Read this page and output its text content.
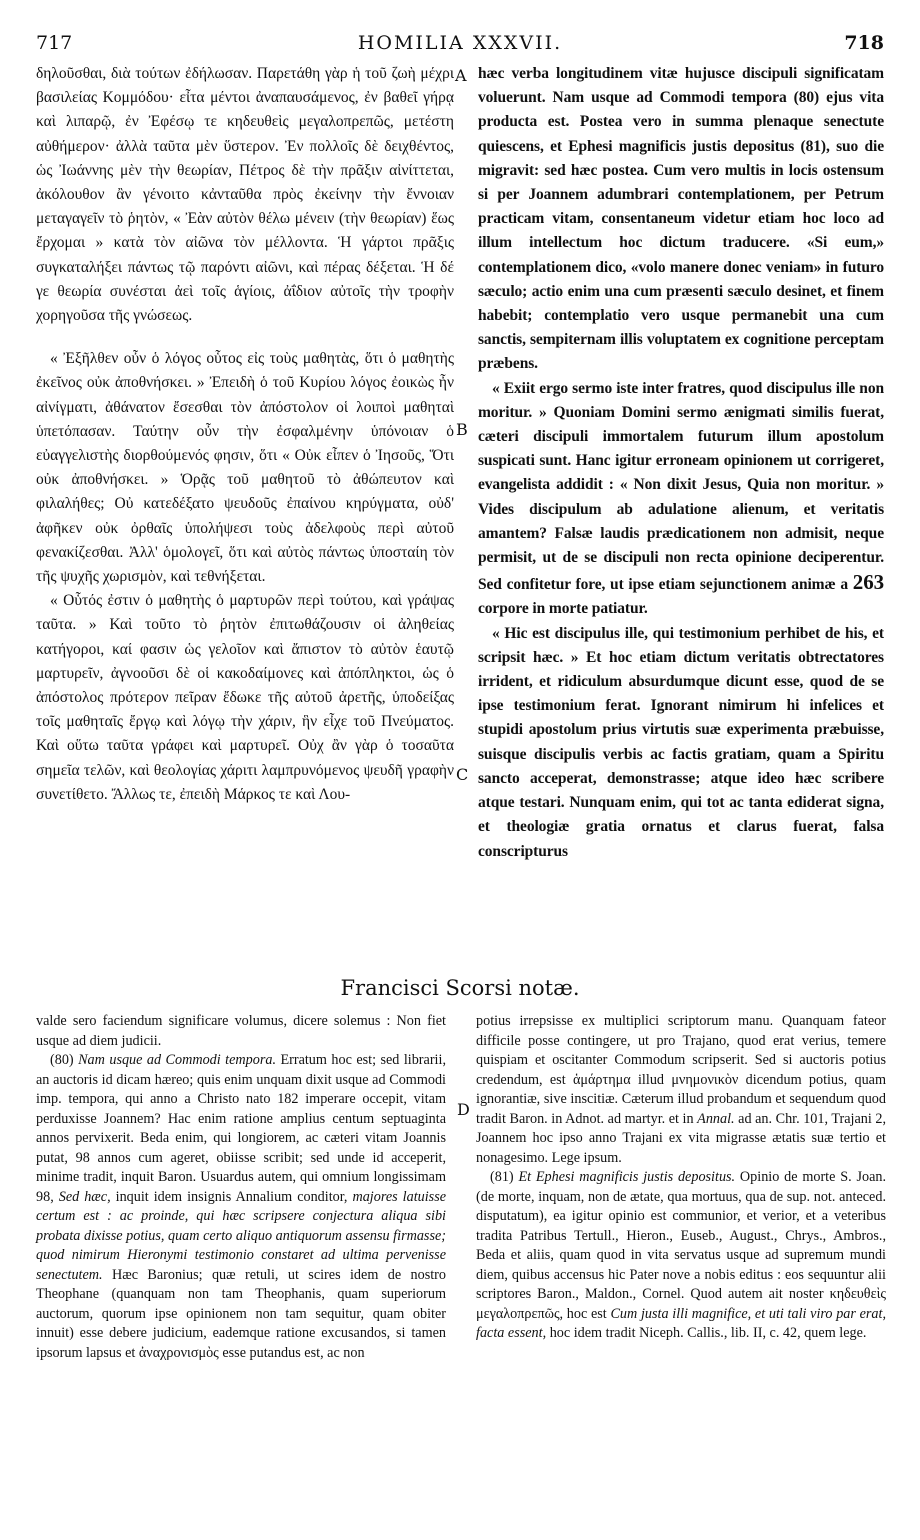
717	ΗΟΜΙLIA XXXVII.	718

δηλοῦσθαι, διὰ τούτων ἐδήλωσαν. Παρετάθη γὰρ ἡ τοῦ ζωὴ μέχρι βασιλείας Κομμόδου· εἶτα μέντοι ἀναπαυσάμενος, ἐν βαθεῖ γήρᾳ καὶ λιπαρῷ, ἐν Ἐφέσῳ τε κηδευθεὶς μεγαλοπρεπῶς, μετέστη αὐθήμερον· ἀλλὰ ταῦτα μὲν ὕστερον. Ἐν πολλοῖς δὲ δειχθέντος, ὡς Ἰωάννης μὲν τὴν θεωρίαν, Πέτρος δὲ τὴν πρᾶξιν αἰνίττεται, ἀκόλουθον ἂν γένοιτο κἀνταῦθα πρὸς ἐκείνην τὴν ἔννοιαν μεταγαγεῖν τὸ ῥητὸν, « Ἐὰν αὐτὸν θέλω μένειν (τὴν θεωρίαν) ἕως ἔρχομαι » κατὰ τὸν αἰῶνα τὸν μέλλοντα. Ἡ γάρτοι πρᾶξις συγκαταλήξει πάντως τῷ παρόντι αἰῶνι, καὶ πέρας δέξεται. Ἡ δέ γε θεωρία συνέσται ἀεὶ τοῖς ἁγίοις, ἀΐδιον αὐτοῖς τὴν τροφὴν χορηγοῦσα τῆς γνώσεως.

« Ἐξῆλθεν οὖν ὁ λόγος οὗτος εἰς τοὺς μαθητὰς, ὅτι ὁ μαθητὴς ἐκεῖνος οὐκ ἀποθνήσκει. » Ἐπειδὴ ὁ τοῦ Κυρίου λόγος ἐοικὼς ἦν αἰνίγματι, ἀθάνατον ἔσεσθαι τὸν ἀπόστολον οἱ λοιποὶ μαθηταὶ ὑπετόπασαν. Ταύτην οὖν τὴν ἐσφαλμένην ὑπόνοιαν ὁ εὐαγγελιστὴς διορθούμενός φησιν, ὅτι « Οὐκ εἶπεν ὁ Ἰησοῦς, Ὅτι οὐκ ἀποθνήσκει. » Ὁρᾷς τοῦ μαθητοῦ τὸ ἀθώπευτον καὶ φιλαλήθες; Οὐ κατεδέξατο ψευδοῦς ἐπαίνου κηρύγματα, οὐδ' ἀφῆκεν οὐκ ὀρθαῖς ὑπολήψεσι τοὺς ἀδελφοὺς περὶ αὐτοῦ φενακίζεσθαι. Ἀλλ' ὁμολογεῖ, ὅτι καὶ αὐτὸς πάντως ὑποσταίη τὸν τῆς ψυχῆς χωρισμὸν, καὶ τεθνήξεται.

« Οὗτός ἐστιν ὁ μαθητὴς ὁ μαρτυρῶν περὶ τούτου, καὶ γράψας ταῦτα. » Καὶ τοῦτο τὸ ῥητὸν ἐπιτωθάζουσιν οἱ ἀληθείας κατήγοροι, καί φασιν ὡς γελοῖον καὶ ἄπιστον τὸ αὐτὸν ἑαυτῷ μαρτυρεῖν, ἀγνοοῦσι δὲ οἱ κακοδαίμονες καὶ ἀπόπληκτοι, ὡς ὁ ἀπόστολος πρότερον πεῖραν ἔδωκε τῆς αὐτοῦ ἀρετῆς, ὑποδείξας τοῖς μαθηταῖς ἔργῳ καὶ λόγῳ τὴν χάριν, ἣν εἶχε τοῦ Πνεύματος. Καὶ οὕτω ταῦτα γράφει καὶ μαρτυρεῖ. Οὐχ ἂν γὰρ ὁ τοσαῦτα σημεῖα τελῶν, καὶ θεολογίας χάριτι λαμπρυνόμενος ψευδῆ γραφὴν συνετίθετο. Ἄλλως τε, ἐπειδὴ Μάρκος τε καὶ Λου-

A
B
C
D

hæc verba longitudinem vitæ hujusce discipuli significatam voluerunt. Nam usque ad Commodi tempora (80) ejus vita producta est. Postea vero in summa plenaque senectute quiescens, et Ephesi magnificis justis depositus (81), suo die migravit: sed hæc postea. Cum vero multis in locis ostensum si per Joannem adumbrari contemplationem, per Petrum practicam vitam, consentaneum videtur etiam hoc loco ad illum intellectum hoc dictum traducere. «Si eum,» contemplationem dico, «volo manere donec veniam» in futuro sæculo; actio enim una cum præsenti sæculo desinet, et finem habebit; contemplatio vero usque permanebit una cum sanctis, sempiternam illis voluptatem ex cognitione perceptam præbens.

« Exiit ergo sermo iste inter fratres, quod discipulus ille non moritur. » Quoniam Domini sermo ænigmati similis fuerat, cæteri discipuli immortalem futurum illum apostolum suspicati sunt. Hanc igitur erroneam opinionem ut corrigeret, evangelista addidit : « Non dixit Jesus, Quia non moritur. » Vides discipulum ab adulatione alienum, et veritatis amantem? Falsæ laudis prædicationem non admisit, neque permisit, ut de se discipuli non recta opinione deciperentur. Sed confitetur fore, ut ipse etiam sejunctionem animæ a 263 corpore in morte patiatur.

« Hic est discipulus ille, qui testimonium perhibet de his, et scripsit hæc. » Et hoc etiam dictum veritatis obtrectatores irrident, et ridiculum absurdumque dicunt esse, quod de se ipse testimonium ferat. Ignorant nimirum hi infelices et stupidi apostolum prius virtutis suæ experimenta præbuisse, suisque discipulis verbis ac factis gratiam, quam a Spiritu sancto acceperat, demonstrasse; atque ideo hæc scribere atque testari. Nunquam enim, qui tot ac tanta ediderat signa, et theologiæ gratia ornatus et clarus fuerat, falsa conscripturus

Francisci Scorsi notæ.

valde sero faciendum significare volumus, dicere solemus : Non fiet usque ad diem judicii.

(80) Nam usque ad Commodi tempora. Erratum hoc est; sed librarii, an auctoris id dicam hæreo; quis enim unquam dixit usque ad Commodi imp. tempora, qui anno a Christo nato 182 imperare occepit, vitam perduxisse Joannem? Hac enim ratione amplius centum septuaginta annos pervixerit. Beda enim, qui longiorem, ac cæteri vitam Joannis putat, 98 annos cum ageret, obiisse scribit; sed unde id acceperit, minime tradit, inquit Baron. Usuardus autem, qui omnium longissimam 98, Sed hæc, inquit idem insignis Annalium conditor, majores latuisse certum est : ac proinde, qui hæc scripsere conjectura aliqua sibi probata dixisse potius, quam certo aliquo antiquorum assensu firmasse; quod nimirum Hieronymi testimonio constaret ad ultima pervenisse senectutem. Hæc Baronius; quæ retuli, ut scires idem de nostro Theophane (quanquam non tam Theophanis, quam superiorum auctorum, quorum ipse opinionem non tam sequitur, quam obiter innuit) esse debere judicium, eademque ratione excusandos, si tamen ipsorum lapsus et ἀναχρονισμὸς esse putandus est, ac non

potius irrepsisse ex multiplici scriptorum manu. Quanquam fateor difficile posse contingere, ut pro Trajano, quod erat verius, temere quispiam et oscitanter Commodum scripserit. Sed si auctoris potius credendum, est ἁμάρτημα illud μνημονικὸν dicendum potius, quam ignorantiæ, sive inscitiæ. Cæterum illud probandum et sequendum quod tradit Baron. in Adnot. ad martyr. et in Annal. ad an. Chr. 101, Trajani 2, Joannem hoc ipso anno Trajani ex vita migrasse ætatis suæ tertio et nonagesimo. Lege ipsum.

(81) Et Ephesi magnificis justis depositus. Opinio de morte S. Joan. (de morte, inquam, non de ætate, qua mortuus, qua de sup. not. anteced. disputatum), ea igitur opinio est communior, et verior, et a veteribus tradita Patribus Tertull., Hieron., Euseb., August., Chrys., Ambros., Beda et aliis, quam quod in vita servatus usque ad supremum mundi diem, quibus accensus hic Pater nove a nobis editus : eos sequuntur alii scriptores Baron., Maldon., Cornel. Quod autem ait noster κηδευθεὶς μεγαλοπρεπῶς, hoc est Cum justa illi magnifice, et uti tali viro par erat, facta essent, hoc idem tradit Niceph. Callis., lib. II, c. 42, quem lege.
